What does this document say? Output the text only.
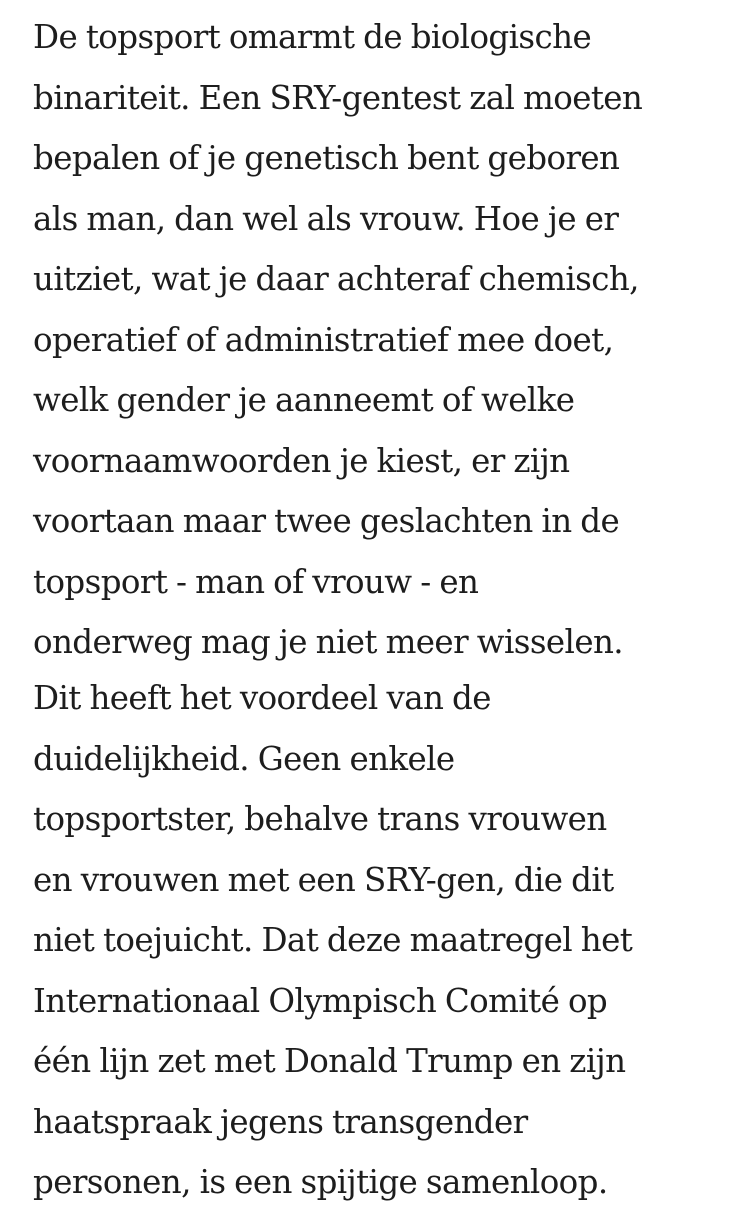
De topsport omarmt de biologische
binariteit. Een SRY-gentest zal moeten
bepalen of je genetisch bent geboren
als man, dan wel als vrouw. Hoe je er
uitziet, wat je daar achteraf chemisch,
operatief of administratief mee doet,
welk gender je aanneemt of welke
voornaamwoorden je kiest, er zijn
voortaan maar twee geslachten in de
topsport - man of vrouw - en
onderweg mag je niet meer wisselen.

Dit heeft het voordeel van de
duidelijkheid. Geen enkele
topsportster, behalve trans vrouwen
en vrouwen met een SRY-gen, die dit
niet toejuicht. Dat deze maatregel het
Internationaal Olympisch Comité op
één lijn zet met Donald Trump en zijn
haatspraak jegens transgender
personen, is een spijtige samenloop.
